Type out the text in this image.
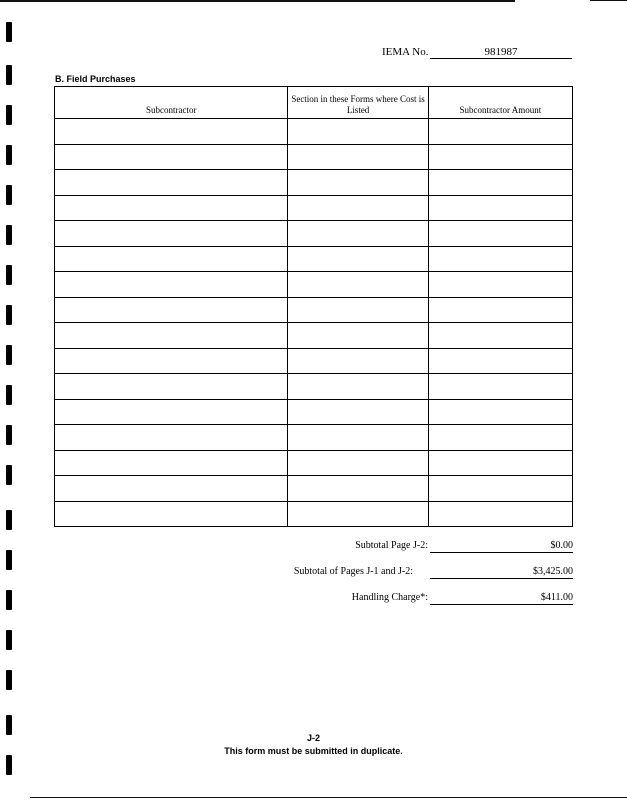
IEMA No.	981987
B. Field Purchases
Subcontractor	Section in these Forms where Cost is Listed	Subcontractor Amount

Subtotal Page J-2:	$0.00
Subtotal of Pages J-1 and J-2:	$3,425.00
Handling Charge*:	$411.00
J-2
This form must be submitted in duplicate.
